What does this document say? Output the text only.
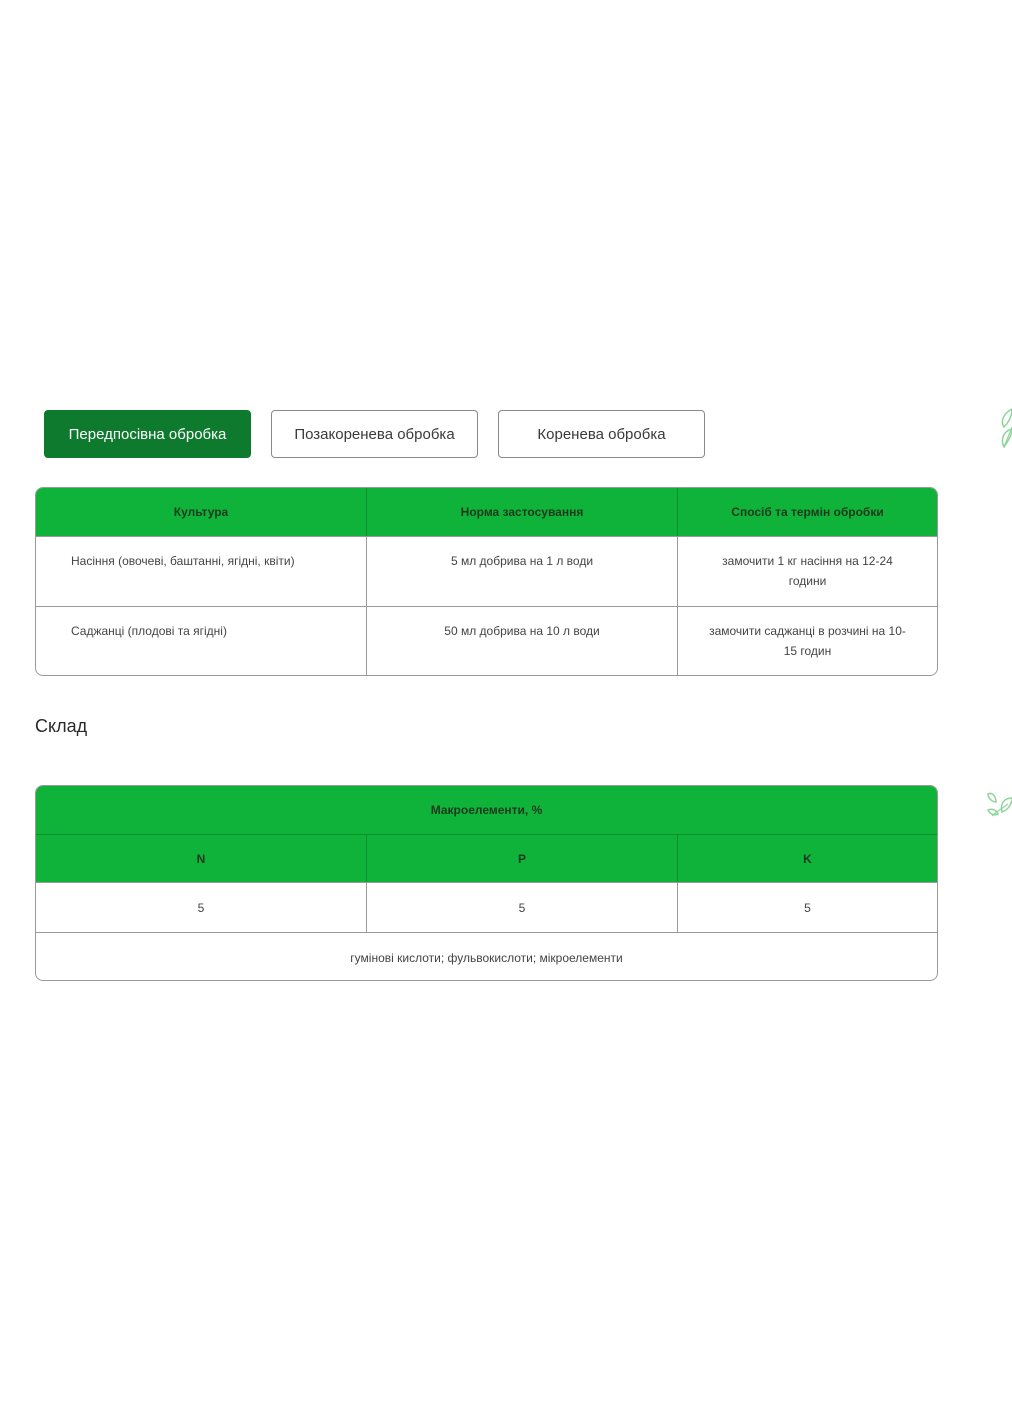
Передпосівна обробка	Позакоренева обробка	Коренева обробка
Культура	Норма застосування	Спосіб та термін обробки
Насіння (овочеві, баштанні, ягідні, квіти)	5 мл добрива на 1 л води	замочити 1 кг насіння на 12-24 години
Саджанці (плодові та ягідні)	50 мл добрива на 10 л води	замочити саджанці в розчині на 10-15 годин
Склад
Макроелементи, %
N	P	K
5	5	5
гумінові кислоти; фульвокислоти; мікроелементи
